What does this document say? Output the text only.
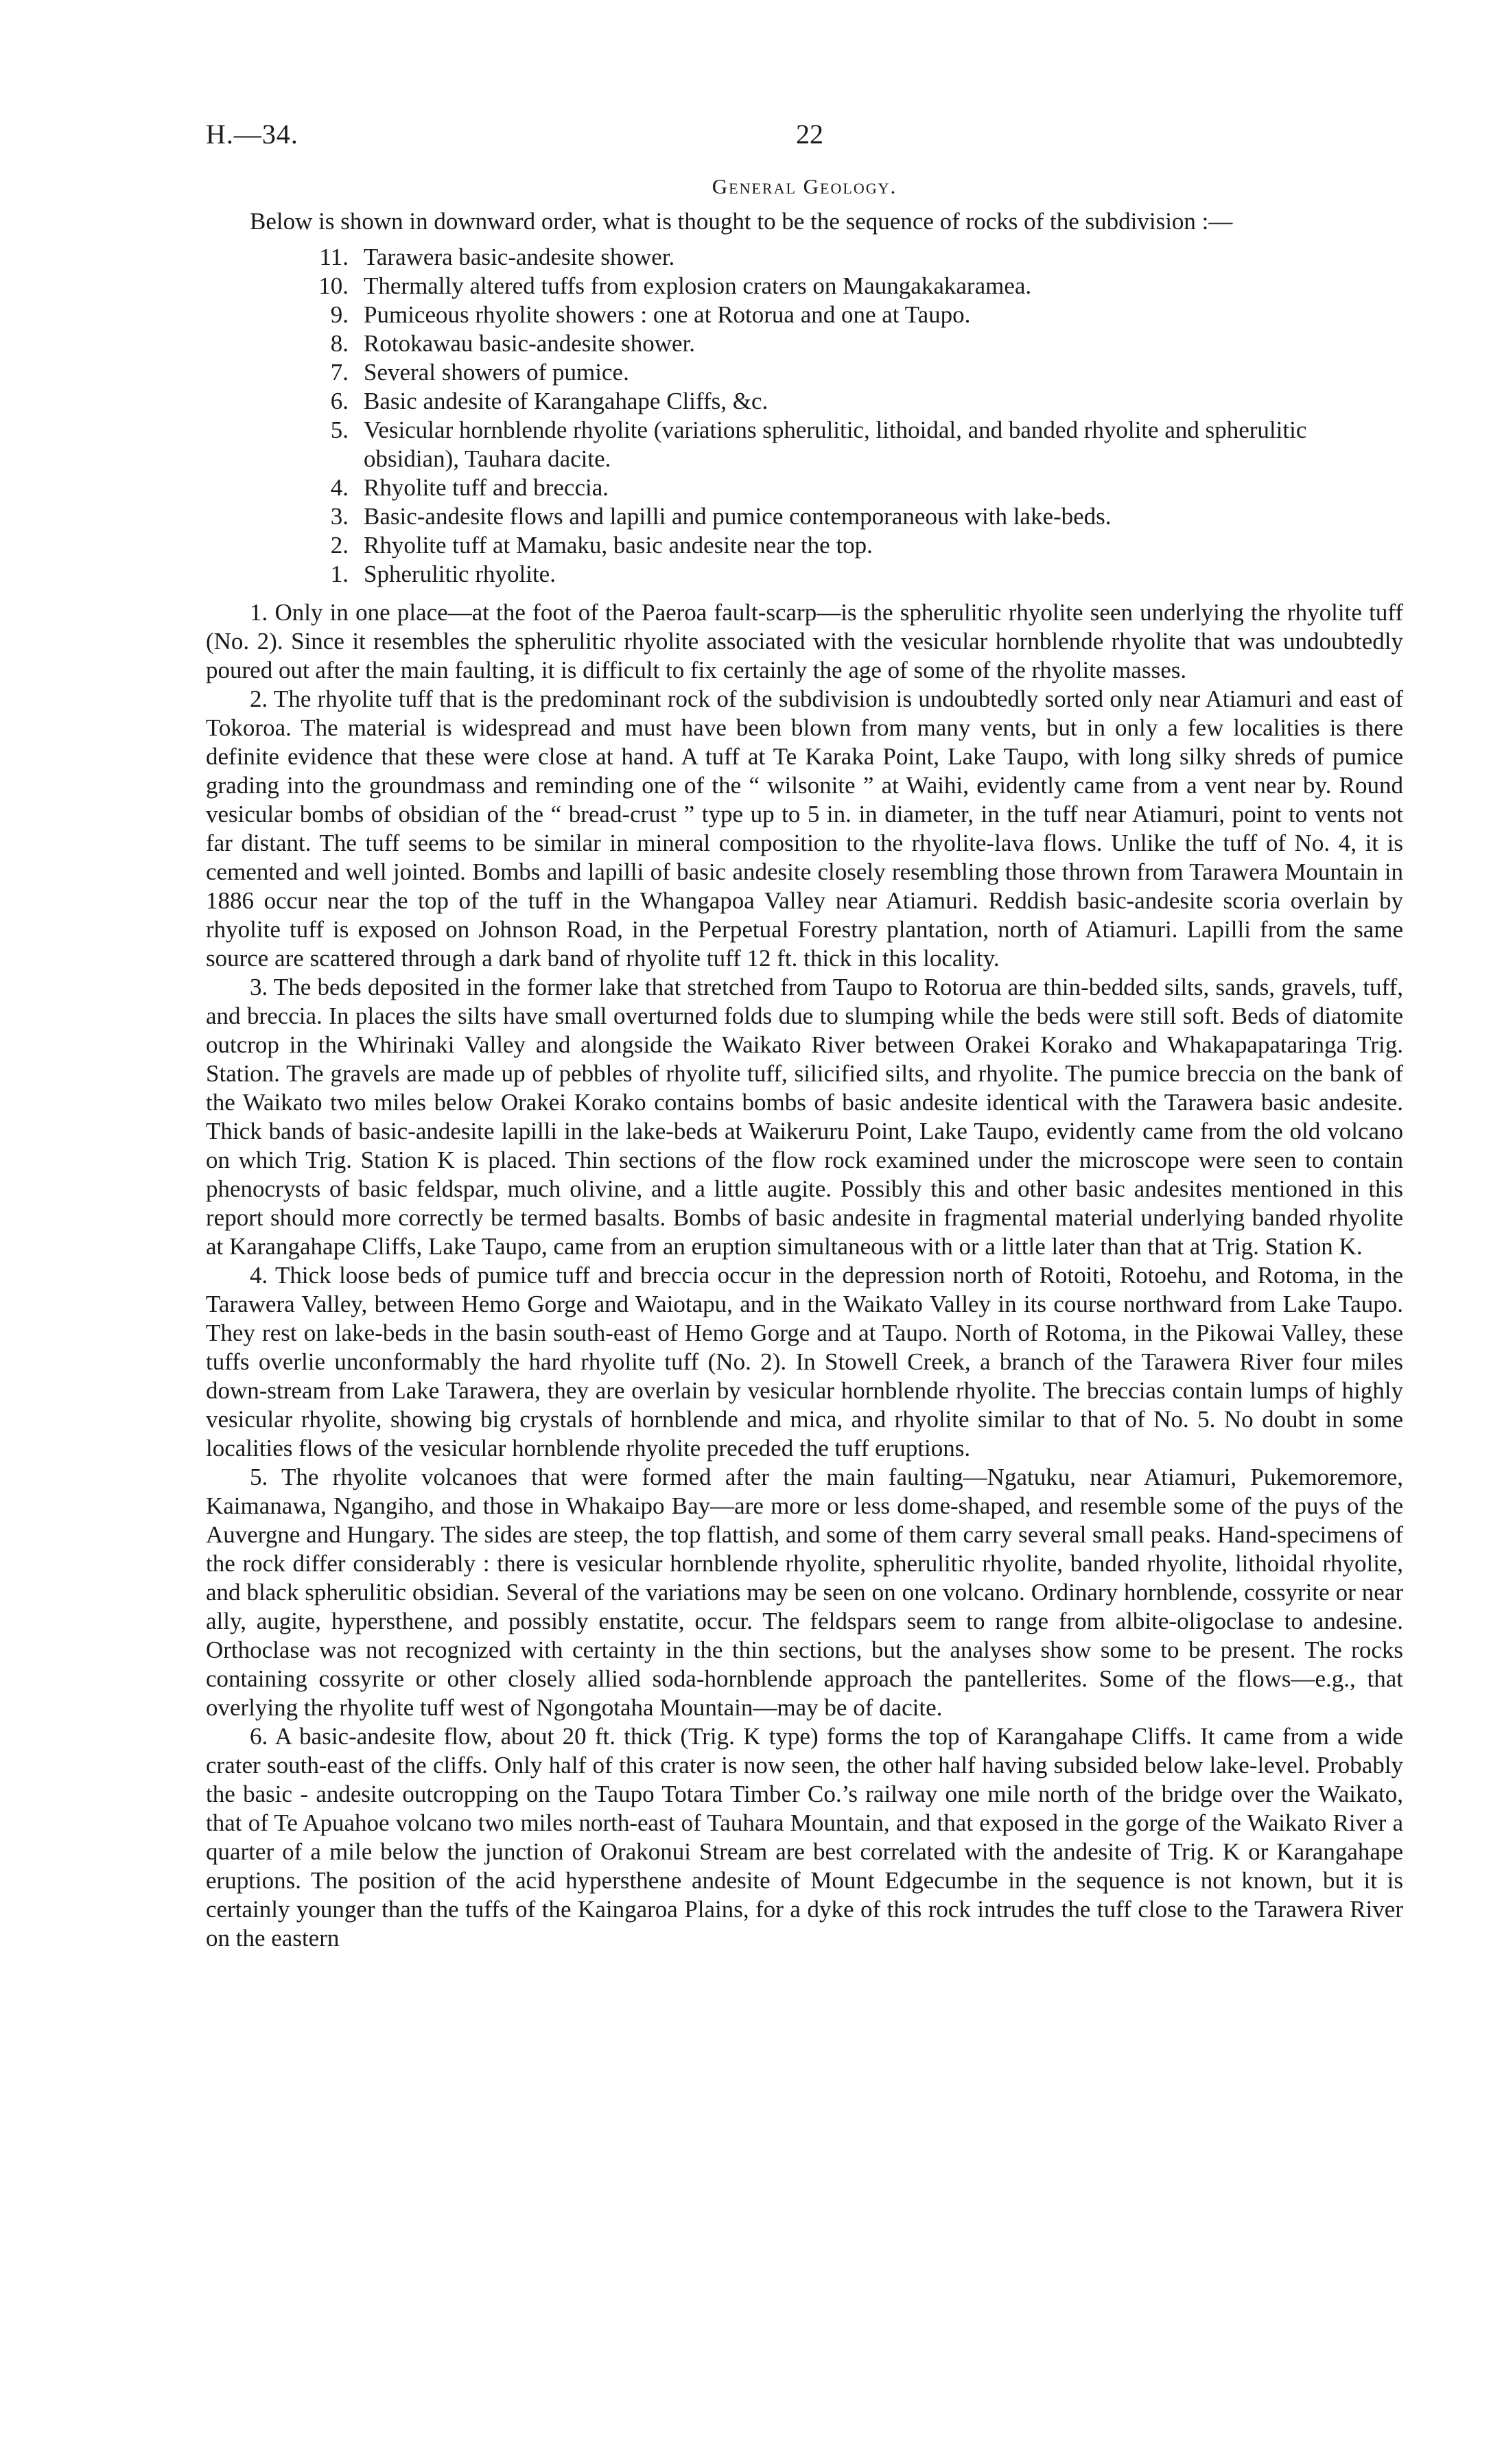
H.—34.	22
General Geology.

Below is shown in downward order, what is thought to be the sequence of rocks of the subdivision :—

11. Tarawera basic-andesite shower.
10. Thermally altered tuffs from explosion craters on Maungakakaramea.
9. Pumiceous rhyolite showers : one at Rotorua and one at Taupo.
8. Rotokawau basic-andesite shower.
7. Several showers of pumice.
6. Basic andesite of Karangahape Cliffs, &c.
5. Vesicular hornblende rhyolite (variations spherulitic, lithoidal, and banded rhyolite and spherulitic obsidian), Tauhara dacite.
4. Rhyolite tuff and breccia.
3. Basic-andesite flows and lapilli and pumice contemporaneous with lake-beds.
2. Rhyolite tuff at Mamaku, basic andesite near the top.
1. Spherulitic rhyolite.

1. Only in one place—at the foot of the Paeroa fault-scarp—is the spherulitic rhyolite seen underlying the rhyolite tuff (No. 2). Since it resembles the spherulitic rhyolite associated with the vesicular hornblende rhyolite that was undoubtedly poured out after the main faulting, it is difficult to fix certainly the age of some of the rhyolite masses.

2. The rhyolite tuff that is the predominant rock of the subdivision is undoubtedly sorted only near Atiamuri and east of Tokoroa. The material is widespread and must have been blown from many vents, but in only a few localities is there definite evidence that these were close at hand. A tuff at Te Karaka Point, Lake Taupo, with long silky shreds of pumice grading into the groundmass and reminding one of the “ wilsonite ” at Waihi, evidently came from a vent near by. Round vesicular bombs of obsidian of the “ bread-crust ” type up to 5 in. in diameter, in the tuff near Atiamuri, point to vents not far distant. The tuff seems to be similar in mineral composition to the rhyolite-lava flows. Unlike the tuff of No. 4, it is cemented and well jointed. Bombs and lapilli of basic andesite closely resembling those thrown from Tarawera Mountain in 1886 occur near the top of the tuff in the Whangapoa Valley near Atiamuri. Reddish basic-andesite scoria overlain by rhyolite tuff is exposed on Johnson Road, in the Perpetual Forestry plantation, north of Atiamuri. Lapilli from the same source are scattered through a dark band of rhyolite tuff 12 ft. thick in this locality.

3. The beds deposited in the former lake that stretched from Taupo to Rotorua are thin-bedded silts, sands, gravels, tuff, and breccia. In places the silts have small overturned folds due to slumping while the beds were still soft. Beds of diatomite outcrop in the Whirinaki Valley and alongside the Waikato River between Orakei Korako and Whakapapataringa Trig. Station. The gravels are made up of pebbles of rhyolite tuff, silicified silts, and rhyolite. The pumice breccia on the bank of the Waikato two miles below Orakei Korako contains bombs of basic andesite identical with the Tarawera basic andesite. Thick bands of basic-andesite lapilli in the lake-beds at Waikeruru Point, Lake Taupo, evidently came from the old volcano on which Trig. Station K is placed. Thin sections of the flow rock examined under the microscope were seen to contain phenocrysts of basic feldspar, much olivine, and a little augite. Possibly this and other basic andesites mentioned in this report should more correctly be termed basalts. Bombs of basic andesite in fragmental material underlying banded rhyolite at Karangahape Cliffs, Lake Taupo, came from an eruption simultaneous with or a little later than that at Trig. Station K.

4. Thick loose beds of pumice tuff and breccia occur in the depression north of Rotoiti, Rotoehu, and Rotoma, in the Tarawera Valley, between Hemo Gorge and Waiotapu, and in the Waikato Valley in its course northward from Lake Taupo. They rest on lake-beds in the basin south-east of Hemo Gorge and at Taupo. North of Rotoma, in the Pikowai Valley, these tuffs overlie unconformably the hard rhyolite tuff (No. 2). In Stowell Creek, a branch of the Tarawera River four miles down-stream from Lake Tarawera, they are overlain by vesicular hornblende rhyolite. The breccias contain lumps of highly vesicular rhyolite, showing big crystals of hornblende and mica, and rhyolite similar to that of No. 5. No doubt in some localities flows of the vesicular hornblende rhyolite preceded the tuff eruptions.

5. The rhyolite volcanoes that were formed after the main faulting—Ngatuku, near Atiamuri, Pukemoremore, Kaimanawa, Ngangiho, and those in Whakaipo Bay—are more or less dome-shaped, and resemble some of the puys of the Auvergne and Hungary. The sides are steep, the top flattish, and some of them carry several small peaks. Hand-specimens of the rock differ considerably : there is vesicular hornblende rhyolite, spherulitic rhyolite, banded rhyolite, lithoidal rhyolite, and black spherulitic obsidian. Several of the variations may be seen on one volcano. Ordinary hornblende, cossyrite or near ally, augite, hypersthene, and possibly enstatite, occur. The feldspars seem to range from albite-oligoclase to andesine. Orthoclase was not recognized with certainty in the thin sections, but the analyses show some to be present. The rocks containing cossyrite or other closely allied soda-hornblende approach the pantellerites. Some of the flows—e.g., that overlying the rhyolite tuff west of Ngongotaha Mountain—may be of dacite.

6. A basic-andesite flow, about 20 ft. thick (Trig. K type) forms the top of Karangahape Cliffs. It came from a wide crater south-east of the cliffs. Only half of this crater is now seen, the other half having subsided below lake-level. Probably the basic - andesite outcropping on the Taupo Totara Timber Co.’s railway one mile north of the bridge over the Waikato, that of Te Apuahoe volcano two miles north-east of Tauhara Mountain, and that exposed in the gorge of the Waikato River a quarter of a mile below the junction of Orakonui Stream are best correlated with the andesite of Trig. K or Karangahape eruptions. The position of the acid hypersthene andesite of Mount Edgecumbe in the sequence is not known, but it is certainly younger than the tuffs of the Kaingaroa Plains, for a dyke of this rock intrudes the tuff close to the Tarawera River on the eastern
